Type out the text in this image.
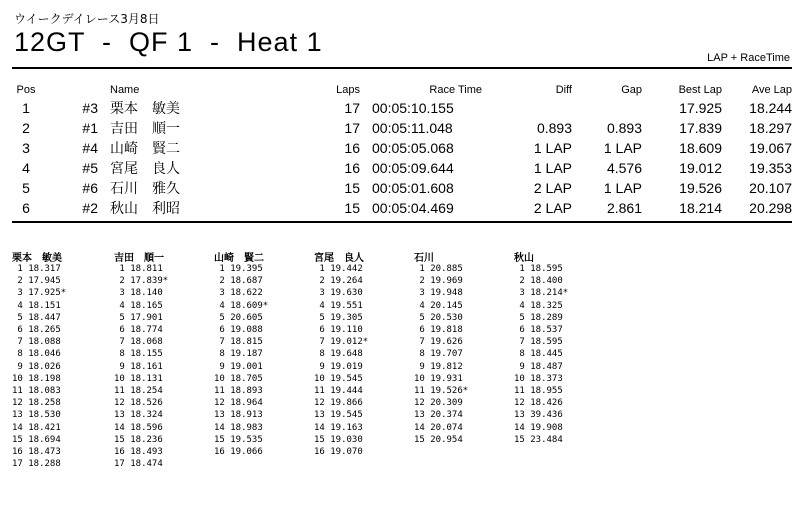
ウイークデイレース3月8日
12GT  -  QF 1  -  Heat 1
LAP + RaceTime
Pos		Name	Laps	Race Time	Diff	Gap	Best Lap	Ave Lap
1	#3	栗本　敏美	17	00:05:10.155			17.925	18.244
2	#1	吉田　順一	17	00:05:11.048	0.893	0.893	17.839	18.297
3	#4	山崎　賢二	16	00:05:05.068	1 LAP	1 LAP	18.609	19.067
4	#5	宮尾　良人	16	00:05:09.644	1 LAP	4.576	19.012	19.353
5	#6	石川　雅久	15	00:05:01.608	2 LAP	1 LAP	19.526	20.107
6	#2	秋山　利昭	15	00:05:04.469	2 LAP	2.861	18.214	20.298
栗本　敏美
1 18.317
2 17.945
3 17.925*
4 18.151
5 18.447
6 18.265
7 18.088
8 18.046
9 18.026
10 18.198
11 18.083
12 18.258
13 18.530
14 18.421
15 18.694
16 18.473
17 18.288
吉田　順一
1 18.811
2 17.839*
3 18.140
4 18.165
5 17.901
6 18.774
7 18.068
8 18.155
9 18.161
10 18.131
11 18.254
12 18.526
13 18.324
14 18.596
15 18.236
16 18.493
17 18.474
山崎　賢二
1 19.395
2 18.687
3 18.622
4 18.609*
5 20.605
6 19.088
7 18.815
8 19.187
9 19.001
10 18.705
11 18.893
12 18.964
13 18.913
14 18.983
15 19.535
16 19.066
宮尾　良人
1 19.442
2 19.264
3 19.630
4 19.551
5 19.305
6 19.110
7 19.012*
8 19.648
9 19.019
10 19.545
11 19.444
12 19.866
13 19.545
14 19.163
15 19.030
16 19.070
石川
1 20.885
2 19.969
3 19.948
4 20.145
5 20.530
6 19.818
7 19.626
8 19.707
9 19.812
10 19.931
11 19.526*
12 20.309
13 20.374
14 20.074
15 20.954
秋山
1 18.595
2 18.400
3 18.214*
4 18.325
5 18.289
6 18.537
7 18.595
8 18.445
9 18.487
10 18.373
11 18.955
12 18.426
13 39.436
14 19.908
15 23.484
